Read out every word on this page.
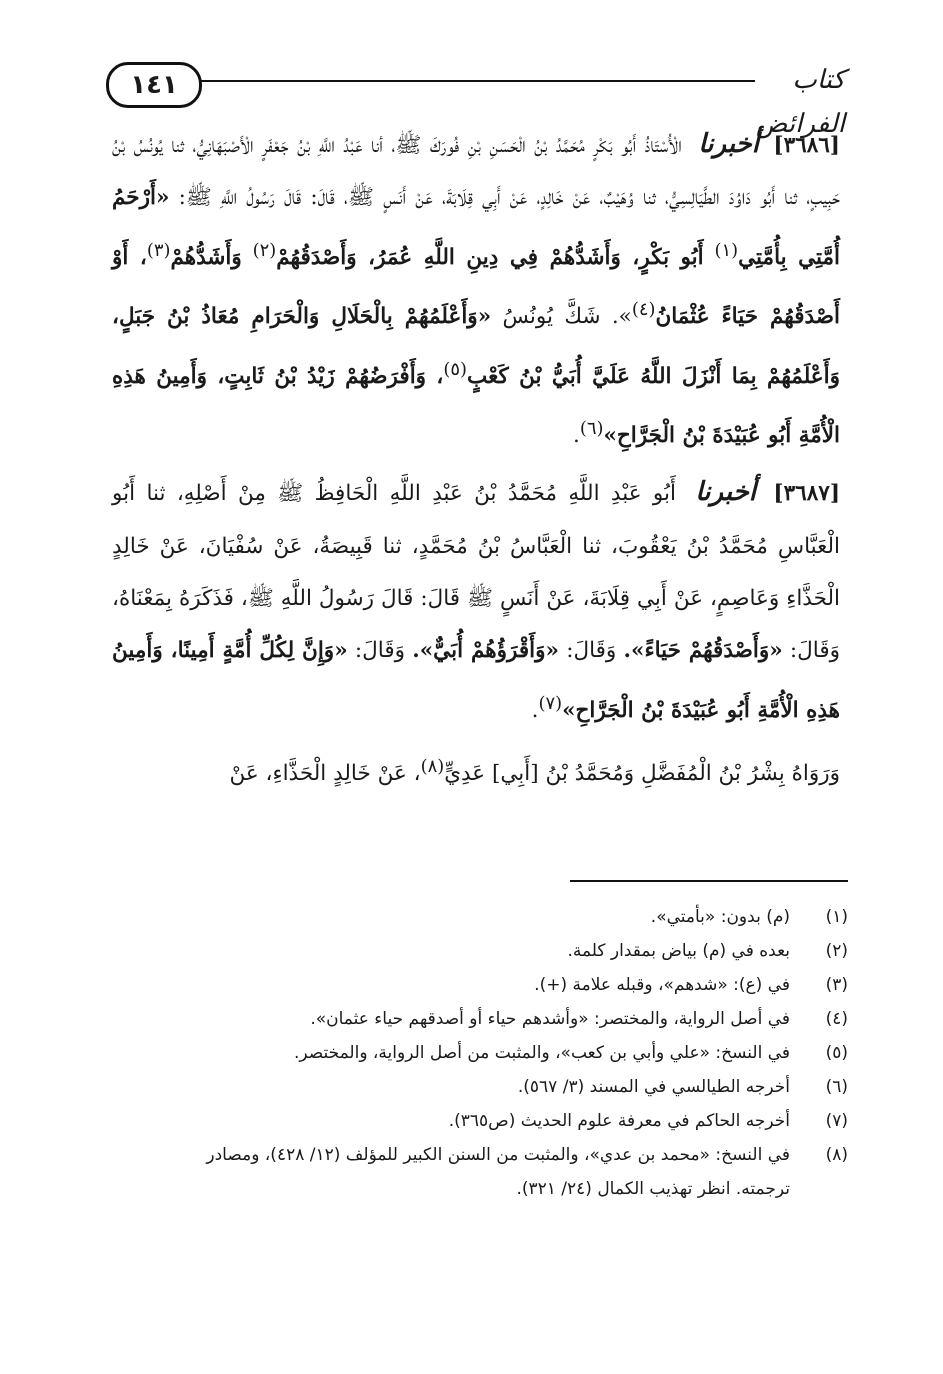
١٤١	كتاب الفرائض

[٣٦٨٦] أخبرنا الْأُسْتَاذُ أَبُو بَكْرٍ مُحَمَّدُ بْنُ الْحَسَنِ بْنِ فُورَكَ ﷺ، أنا عَبْدُ اللَّهِ بْنُ جَعْفَرٍ الْأَصْبَهَانِيُّ، ثنا يُونُسُ بْنُ حَبِيبٍ، ثنا أَبُو دَاوُدَ الطَّيَالِسِيُّ، ثنا وُهَيْبٌ، عَنْ خَالِدٍ، عَنْ أَبِي قِلَابَةَ، عَنْ أَنَسٍ ﷺ، قَالَ: قَالَ رَسُولُ اللَّهِ ﷺ: «أَرْحَمُ أُمَّتِي بِأُمَّتِي$^{(١)}$ أَبُو بَكْرٍ، وَأَشَدُّهُمْ فِي دِينِ اللَّهِ عُمَرُ، وَأَصْدَقُهُمْ$^{(٢)}$ وَأَشَدُّهُمْ$^{(٣)}$، أَوْ أَصْدَقُهُمْ حَيَاءً عُثْمَانُ$^{(٤)}$». شَكَّ يُونُسُ «وَأَعْلَمُهُمْ بِالْحَلَالِ وَالْحَرَامِ مُعَاذُ بْنُ جَبَلٍ، وَأَعْلَمُهُمْ بِمَا أَنْزَلَ اللَّهُ عَلَيَّ أُبَيُّ بْنُ كَعْبٍ$^{(٥)}$، وَأَفْرَضُهُمْ زَيْدُ بْنُ ثَابِتٍ، وَأَمِينُ هَذِهِ الْأُمَّةِ أَبُو عُبَيْدَةَ بْنُ الْجَرَّاحِ»$^{(٦)}$.

[٣٦٨٧] أخبرنا أَبُو عَبْدِ اللَّهِ مُحَمَّدُ بْنُ عَبْدِ اللَّهِ الْحَافِظُ ﷺ مِنْ أَصْلِهِ، ثنا أَبُو الْعَبَّاسِ مُحَمَّدُ بْنُ يَعْقُوبَ، ثنا الْعَبَّاسُ بْنُ مُحَمَّدٍ، ثنا قَبِيصَةُ، عَنْ سُفْيَانَ، عَنْ خَالِدٍ الْحَذَّاءِ وَعَاصِمٍ، عَنْ أَبِي قِلَابَةَ، عَنْ أَنَسٍ ﷺ قَالَ: قَالَ رَسُولُ اللَّهِ ﷺ، فَذَكَرَهُ بِمَعْنَاهُ، وَقَالَ: «وَأَصْدَقُهُمْ حَيَاءً». وَقَالَ: «وَأَقْرَؤُهُمْ أُبَيٌّ». وَقَالَ: «وَإِنَّ لِكُلِّ أُمَّةٍ أَمِينًا، وَأَمِينُ هَذِهِ الْأُمَّةِ أَبُو عُبَيْدَةَ بْنُ الْجَرَّاحِ»$^{(٧)}$.

وَرَوَاهُ بِشْرُ بْنُ الْمُفَضَّلِ وَمُحَمَّدُ بْنُ [أَبِي] عَدِيٍّ$^{(٨)}$، عَنْ خَالِدٍ الْحَذَّاءِ، عَنْ

(١)
(م) بدون: «بأمتي».
(٢)
بعده في (م) بياض بمقدار كلمة.
(٣)
في (ع): «شدهم»، وقبله علامة (+).
(٤)
في أصل الرواية، والمختصر: «وأشدهم حياء أو أصدقهم حياء عثمان».
(٥)
في النسخ: «علي وأبي بن كعب»، والمثبت من أصل الرواية، والمختصر.
(٦)
أخرجه الطيالسي في المسند (٣/ ٥٦٧).
(٧)
أخرجه الحاكم في معرفة علوم الحديث (ص٣٦٥).
(٨)
في النسخ: «محمد بن عدي»، والمثبت من السنن الكبير للمؤلف (١٢/ ٤٢٨)، ومصادر
ترجمته. انظر تهذيب الكمال (٢٤/ ٣٢١).
